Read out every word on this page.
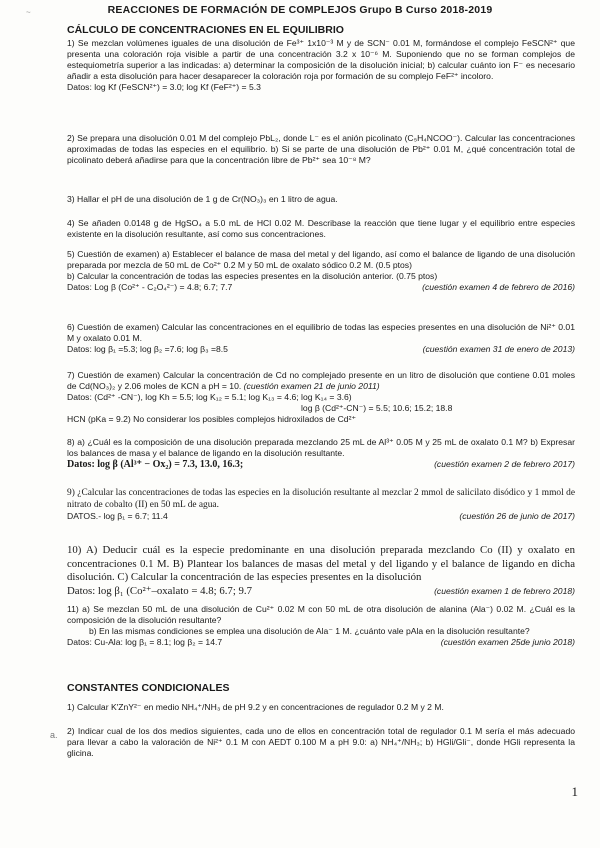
~	REACCIONES DE FORMACIÓN DE COMPLEJOS Grupo B Curso 2018-2019
CÁLCULO DE CONCENTRACIONES EN EL EQUILIBRIO
1) Se mezclan volúmenes iguales de una disolución de Fe³⁺ 1x10⁻³ M y de SCN⁻ 0.01 M, formándose el complejo FeSCN²⁺ que presenta una coloración roja visible a partir de una concentración 3.2 x 10⁻⁶ M. Suponiendo que no se forman complejos de estequiometría superior a las indicadas: a) determinar la composición de la disolución inicial; b) calcular cuánto ion F⁻ es necesario añadir a esta disolución para hacer desaparecer la coloración roja por formación de su complejo FeF²⁺ incoloro.
Datos: log Kf (FeSCN²⁺) = 3.0; log Kf (FeF²⁺) = 5.3
2) Se prepara una disolución 0.01 M del complejo PbL₂, donde L⁻ es el anión picolinato (C₅H₄NCOO⁻). Calcular las concentraciones aproximadas de todas las especies en el equilibrio. b) Si se parte de una disolución de Pb²⁺ 0.01 M, ¿qué concentración total de picolinato deberá añadirse para que la concentración libre de Pb²⁺ sea 10⁻⁸ M?
3) Hallar el pH de una disolución de 1 g de Cr(NO₃)₃ en 1 litro de agua.
4) Se añaden 0.0148 g de HgSO₄ a 5.0 mL de HCl 0.02 M. Describase la reacción que tiene lugar y el equilibrio entre especies existente en la disolución resultante, así como sus concentraciones.
5) Cuestión de examen) a) Establecer el balance de masa del metal y del ligando, así como el balance de ligando de una disolución preparada por mezcla de 50 mL de Co²⁺ 0.2 M y 50 mL de oxalato sódico 0.2 M. (0.5 ptos)
b) Calcular la concentración de todas las especies presentes en la disolución anterior. (0.75 ptos)
Datos: Log β (Co²⁺ - C₂O₄²⁻) = 4.8; 6.7; 7.7	(cuestión examen 4 de febrero de 2016)
6) Cuestión de examen) Calcular las concentraciones en el equilibrio de todas las especies presentes en una disolución de Ni²⁺ 0.01 M y oxalato 0.01 M.
Datos: log β₁ =5.3; log β₂ =7.6; log β₃ =8.5	(cuestión examen 31 de enero de 2013)
7) Cuestión de examen) Calcular la concentración de Cd no complejado presente en un litro de disolución que contiene 0.01 moles de Cd(NO₃)₂ y 2.06 moles de KCN a pH = 10. (cuestión examen 21 de junio 2011)
Datos: (Cd²⁺ -CN⁻), log Kh = 5.5; log K₁₂ = 5.1; log K₁₃ = 4.6; log K₁₄ = 3.6)
log β (Cd²⁺-CN⁻) = 5.5; 10.6; 15.2; 18.8
HCN (pKa = 9.2) No considerar los posibles complejos hidroxilados de Cd²⁺
8) a) ¿Cuál es la composición de una disolución preparada mezclando 25 mL de Al³⁺ 0.05 M y 25 mL de oxalato 0.1 M? b) Expresar los balances de masa y el balance de ligando en la disolución resultante.
Datos: log β (Al³⁺ − Ox₂) = 7.3, 13.0, 16.3;	(cuestión examen 2 de febrero 2017)
9) ¿Calcular las concentraciones de todas las especies en la disolución resultante al mezclar 2 mmol de salicilato disódico y 1 mmol de nitrato de cobalto (II) en 50 mL de agua.
DATOS.- log β₁ = 6.7; 11.4	(cuestión 26 de junio de 2017)
10) A) Deducir cuál es la especie predominante en una disolución preparada mezclando Co (II) y oxalato en concentraciones 0.1 M. B) Plantear los balances de masas del metal y del ligando y el balance de ligando en dicha disolución. C) Calcular la concentración de las especies presentes en la disolución
Datos: log β₁ (Co²⁺–oxalato = 4.8; 6.7; 9.7	(cuestión examen 1 de febrero 2018)
11) a) Se mezclan 50 mL de una disolución de Cu²⁺ 0.02 M con 50 mL de otra disolución de alanina (Ala⁻) 0.02 M. ¿Cuál es la composición de la disolución resultante?
b) En las mismas condiciones se emplea una disolución de Ala⁻ 1 M. ¿cuánto vale pAla en la disolución resultante?
Datos: Cu-Ala: log β₁ = 8.1; log β₂ = 14.7	(cuestión examen 25de junio 2018)
CONSTANTES CONDICIONALES
1) Calcular K′ZnY²⁻ en medio NH₄⁺/NH₃ de pH 9.2 y en concentraciones de regulador 0.2 M y 2 M.
a. 2) Indicar cual de los dos medios siguientes, cada uno de ellos en concentración total de regulador 0.1 M sería el más adecuado para llevar a cabo la valoración de Ni²⁺ 0.1 M con AEDT 0.100 M a pH 9.0: a) NH₄⁺/NH₃; b) HGli/Gli⁻, donde HGli representa la glicina.
1
